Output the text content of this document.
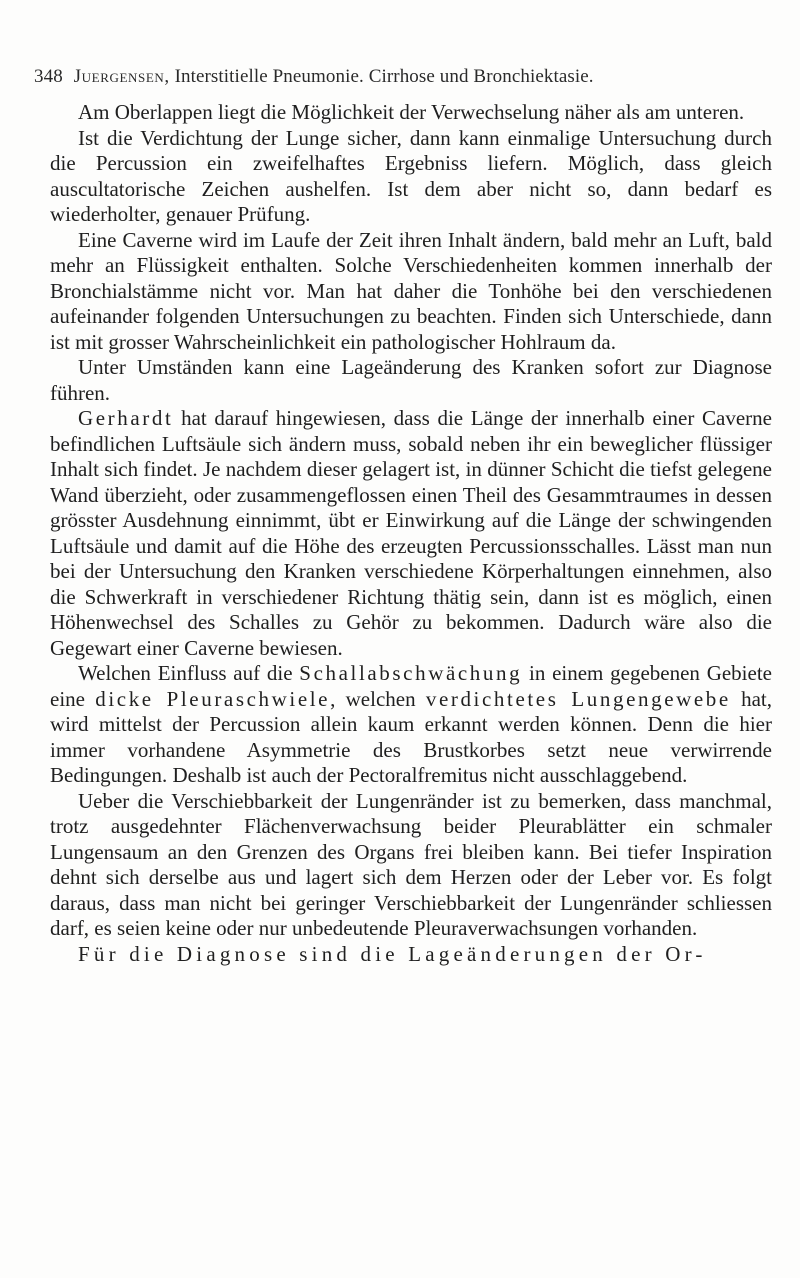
348 Juergensen, Interstitielle Pneumonie. Cirrhose und Bronchiektasie.

Am Oberlappen liegt die Möglichkeit der Verwechselung näher als am unteren.

Ist die Verdichtung der Lunge sicher, dann kann einmalige Untersuchung durch die Percussion ein zweifelhaftes Ergebniss liefern. Möglich, dass gleich auscultatorische Zeichen aushelfen. Ist dem aber nicht so, dann bedarf es wiederholter, genauer Prüfung.

Eine Caverne wird im Laufe der Zeit ihren Inhalt ändern, bald mehr an Luft, bald mehr an Flüssigkeit enthalten. Solche Verschiedenheiten kommen innerhalb der Bronchialstämme nicht vor. Man hat daher die Tonhöhe bei den verschiedenen aufeinander folgenden Untersuchungen zu beachten. Finden sich Unterschiede, dann ist mit grosser Wahrscheinlichkeit ein pathologischer Hohlraum da.

Unter Umständen kann eine Lageänderung des Kranken sofort zur Diagnose führen.

Gerhardt hat darauf hingewiesen, dass die Länge der innerhalb einer Caverne befindlichen Luftsäule sich ändern muss, sobald neben ihr ein beweglicher flüssiger Inhalt sich findet. Je nachdem dieser gelagert ist, in dünner Schicht die tiefst gelegene Wand überzieht, oder zusammengeflossen einen Theil des Gesammtraumes in dessen grösster Ausdehnung einnimmt, übt er Einwirkung auf die Länge der schwingenden Luftsäule und damit auf die Höhe des erzeugten Percussionsschalles. Lässt man nun bei der Untersuchung den Kranken verschiedene Körperhaltungen einnehmen, also die Schwerkraft in verschiedener Richtung thätig sein, dann ist es möglich, einen Höhenwechsel des Schalles zu Gehör zu bekommen. Dadurch wäre also die Gegewart einer Caverne bewiesen.

Welchen Einfluss auf die Schallabschwächung in einem gegebenen Gebiete eine dicke Pleuraschwiele, welchen verdichtetes Lungengewebe hat, wird mittelst der Percussion allein kaum erkannt werden können. Denn die hier immer vorhandene Asymmetrie des Brustkorbes setzt neue verwirrende Bedingungen. Deshalb ist auch der Pectoralfremitus nicht ausschlaggebend.

Ueber die Verschiebbarkeit der Lungenränder ist zu bemerken, dass manchmal, trotz ausgedehnter Flächenverwachsung beider Pleurablätter ein schmaler Lungensaum an den Grenzen des Organs frei bleiben kann. Bei tiefer Inspiration dehnt sich derselbe aus und lagert sich dem Herzen oder der Leber vor. Es folgt daraus, dass man nicht bei geringer Verschiebbarkeit der Lungenränder schliessen darf, es seien keine oder nur unbedeutende Pleuraverwachsungen vorhanden.

Für die Diagnose sind die Lageänderungen der Or-
